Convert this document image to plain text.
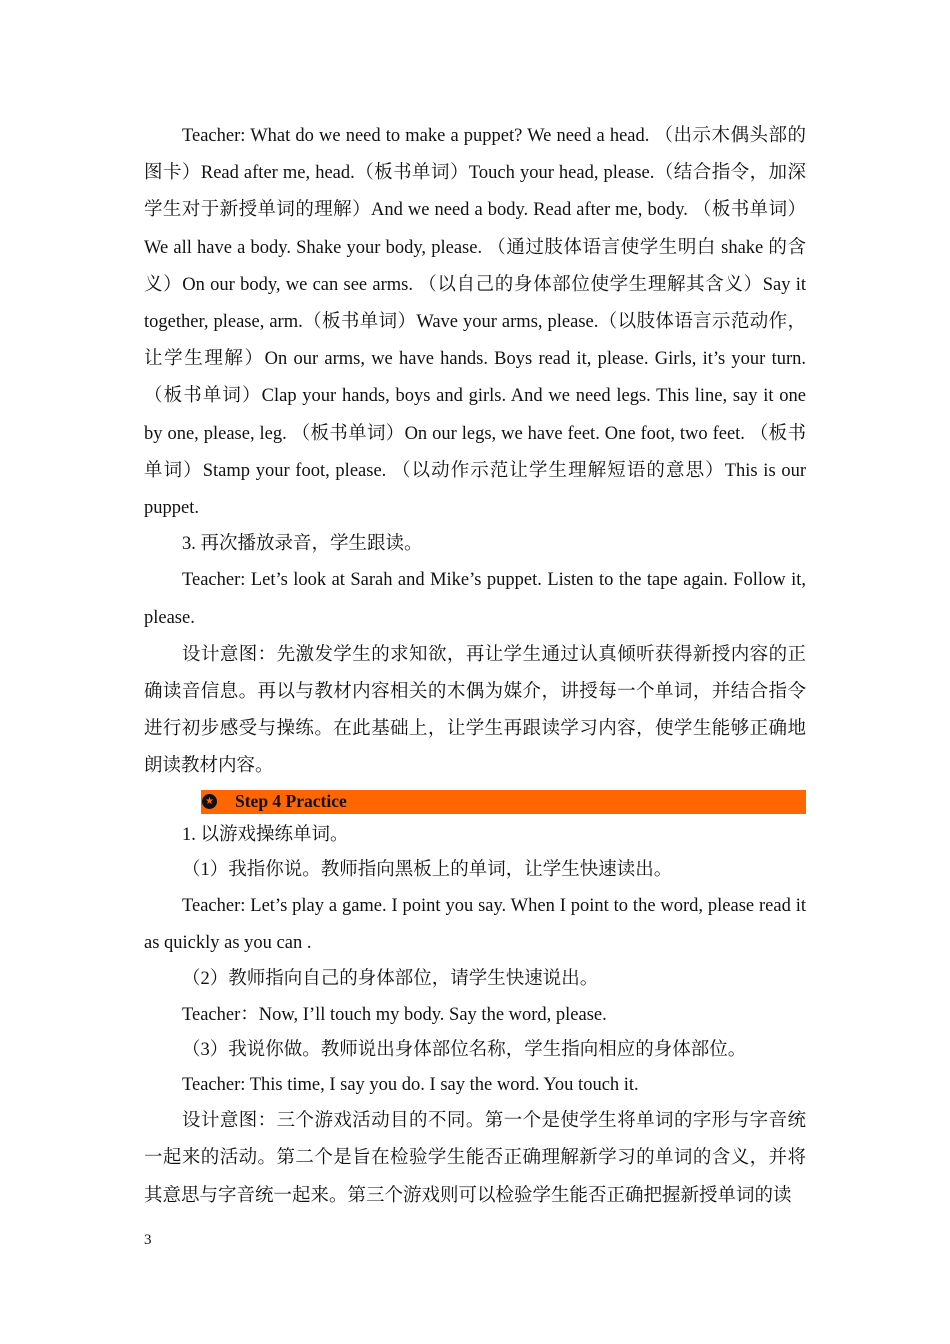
Teacher: What do we need to make a puppet? We need a head. （出示木偶头部的图卡）Read after me, head.（板书单词）Touch your head, please.（结合指令，加深学生对于新授单词的理解）And we need a body. Read after me, body. （板书单词）We all have a body. Shake your body, please. （通过肢体语言使学生明白 shake 的含义）On our body, we can see arms. （以自己的身体部位使学生理解其含义）Say it together, please, arm.（板书单词）Wave your arms, please.（以肢体语言示范动作，让学生理解）On our arms, we have hands. Boys read it, please. Girls, it’s your turn. （板书单词）Clap your hands, boys and girls. And we need legs. This line, say it one by one, please, leg. （板书单词）On our legs, we have feet. One foot, two feet. （板书单词）Stamp your foot, please. （以动作示范让学生理解短语的意思）This is our puppet.

3. 再次播放录音，学生跟读。

Teacher: Let’s look at Sarah and Mike’s puppet. Listen to the tape again. Follow it, please.

设计意图：先激发学生的求知欲，再让学生通过认真倾听获得新授内容的正确读音信息。再以与教材内容相关的木偶为媒介，讲授每一个单词，并结合指令进行初步感受与操练。在此基础上，让学生再跟读学习内容，使学生能够正确地朗读教材内容。

★ Step 4 Practice

1. 以游戏操练单词。

（1）我指你说。教师指向黑板上的单词，让学生快速读出。

Teacher: Let’s play a game. I point you say. When I point to the word, please read it as quickly as you can .

（2）教师指向自己的身体部位，请学生快速说出。

Teacher：Now, I’ll touch my body. Say the word, please.

（3）我说你做。教师说出身体部位名称，学生指向相应的身体部位。

Teacher: This time, I say you do. I say the word. You touch it.

设计意图：三个游戏活动目的不同。第一个是使学生将单词的字形与字音统一起来的活动。第二个是旨在检验学生能否正确理解新学习的单词的含义，并将其意思与字音统一起来。第三个游戏则可以检验学生能否正确把握新授单词的读

3
